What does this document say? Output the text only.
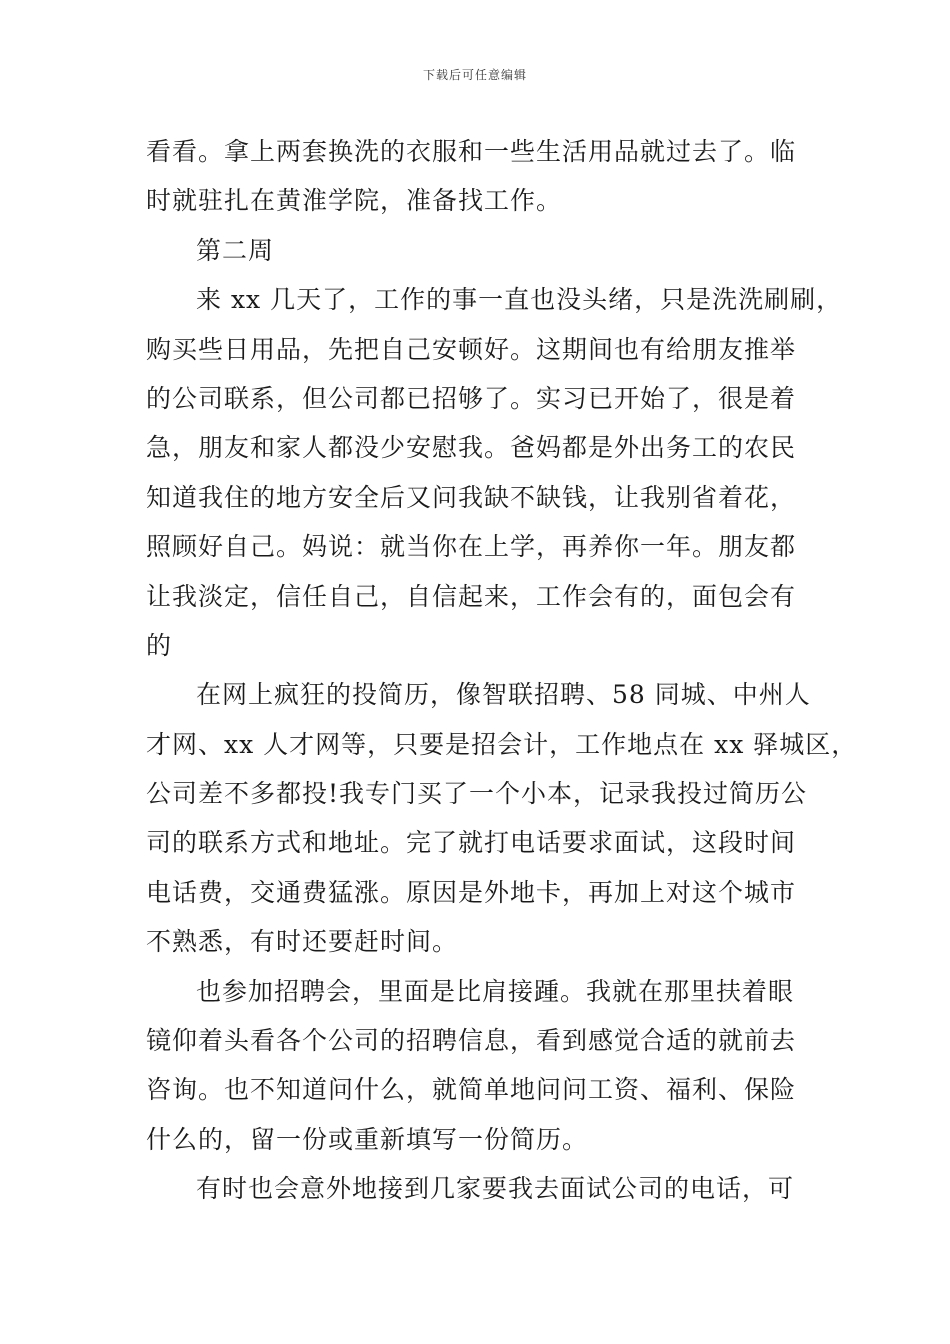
下载后可任意编辑
看看。拿上两套换洗的衣服和一些生活用品就过去了。临
时就驻扎在黄淮学院，准备找工作。
第二周
来 xx 几天了，工作的事一直也没头绪，只是洗洗刷刷，
购买些日用品，先把自己安顿好。这期间也有给朋友推举
的公司联系，但公司都已招够了。实习已开始了，很是着
急，朋友和家人都没少安慰我。爸妈都是外出务工的农民
知道我住的地方安全后又问我缺不缺钱，让我别省着花，
照顾好自己。妈说：就当你在上学，再养你一年。朋友都
让我淡定，信任自己，自信起来，工作会有的，面包会有
的
在网上疯狂的投简历，像智联招聘、58 同城、中州人
才网、xx 人才网等，只要是招会计，工作地点在 xx 驿城区，
公司差不多都投!我专门买了一个小本，记录我投过简历公
司的联系方式和地址。完了就打电话要求面试，这段时间
电话费，交通费猛涨。原因是外地卡，再加上对这个城市
不熟悉，有时还要赶时间。
也参加招聘会，里面是比肩接踵。我就在那里扶着眼
镜仰着头看各个公司的招聘信息，看到感觉合适的就前去
咨询。也不知道问什么，就简单地问问工资、福利、保险
什么的，留一份或重新填写一份简历。
有时也会意外地接到几家要我去面试公司的电话，可
